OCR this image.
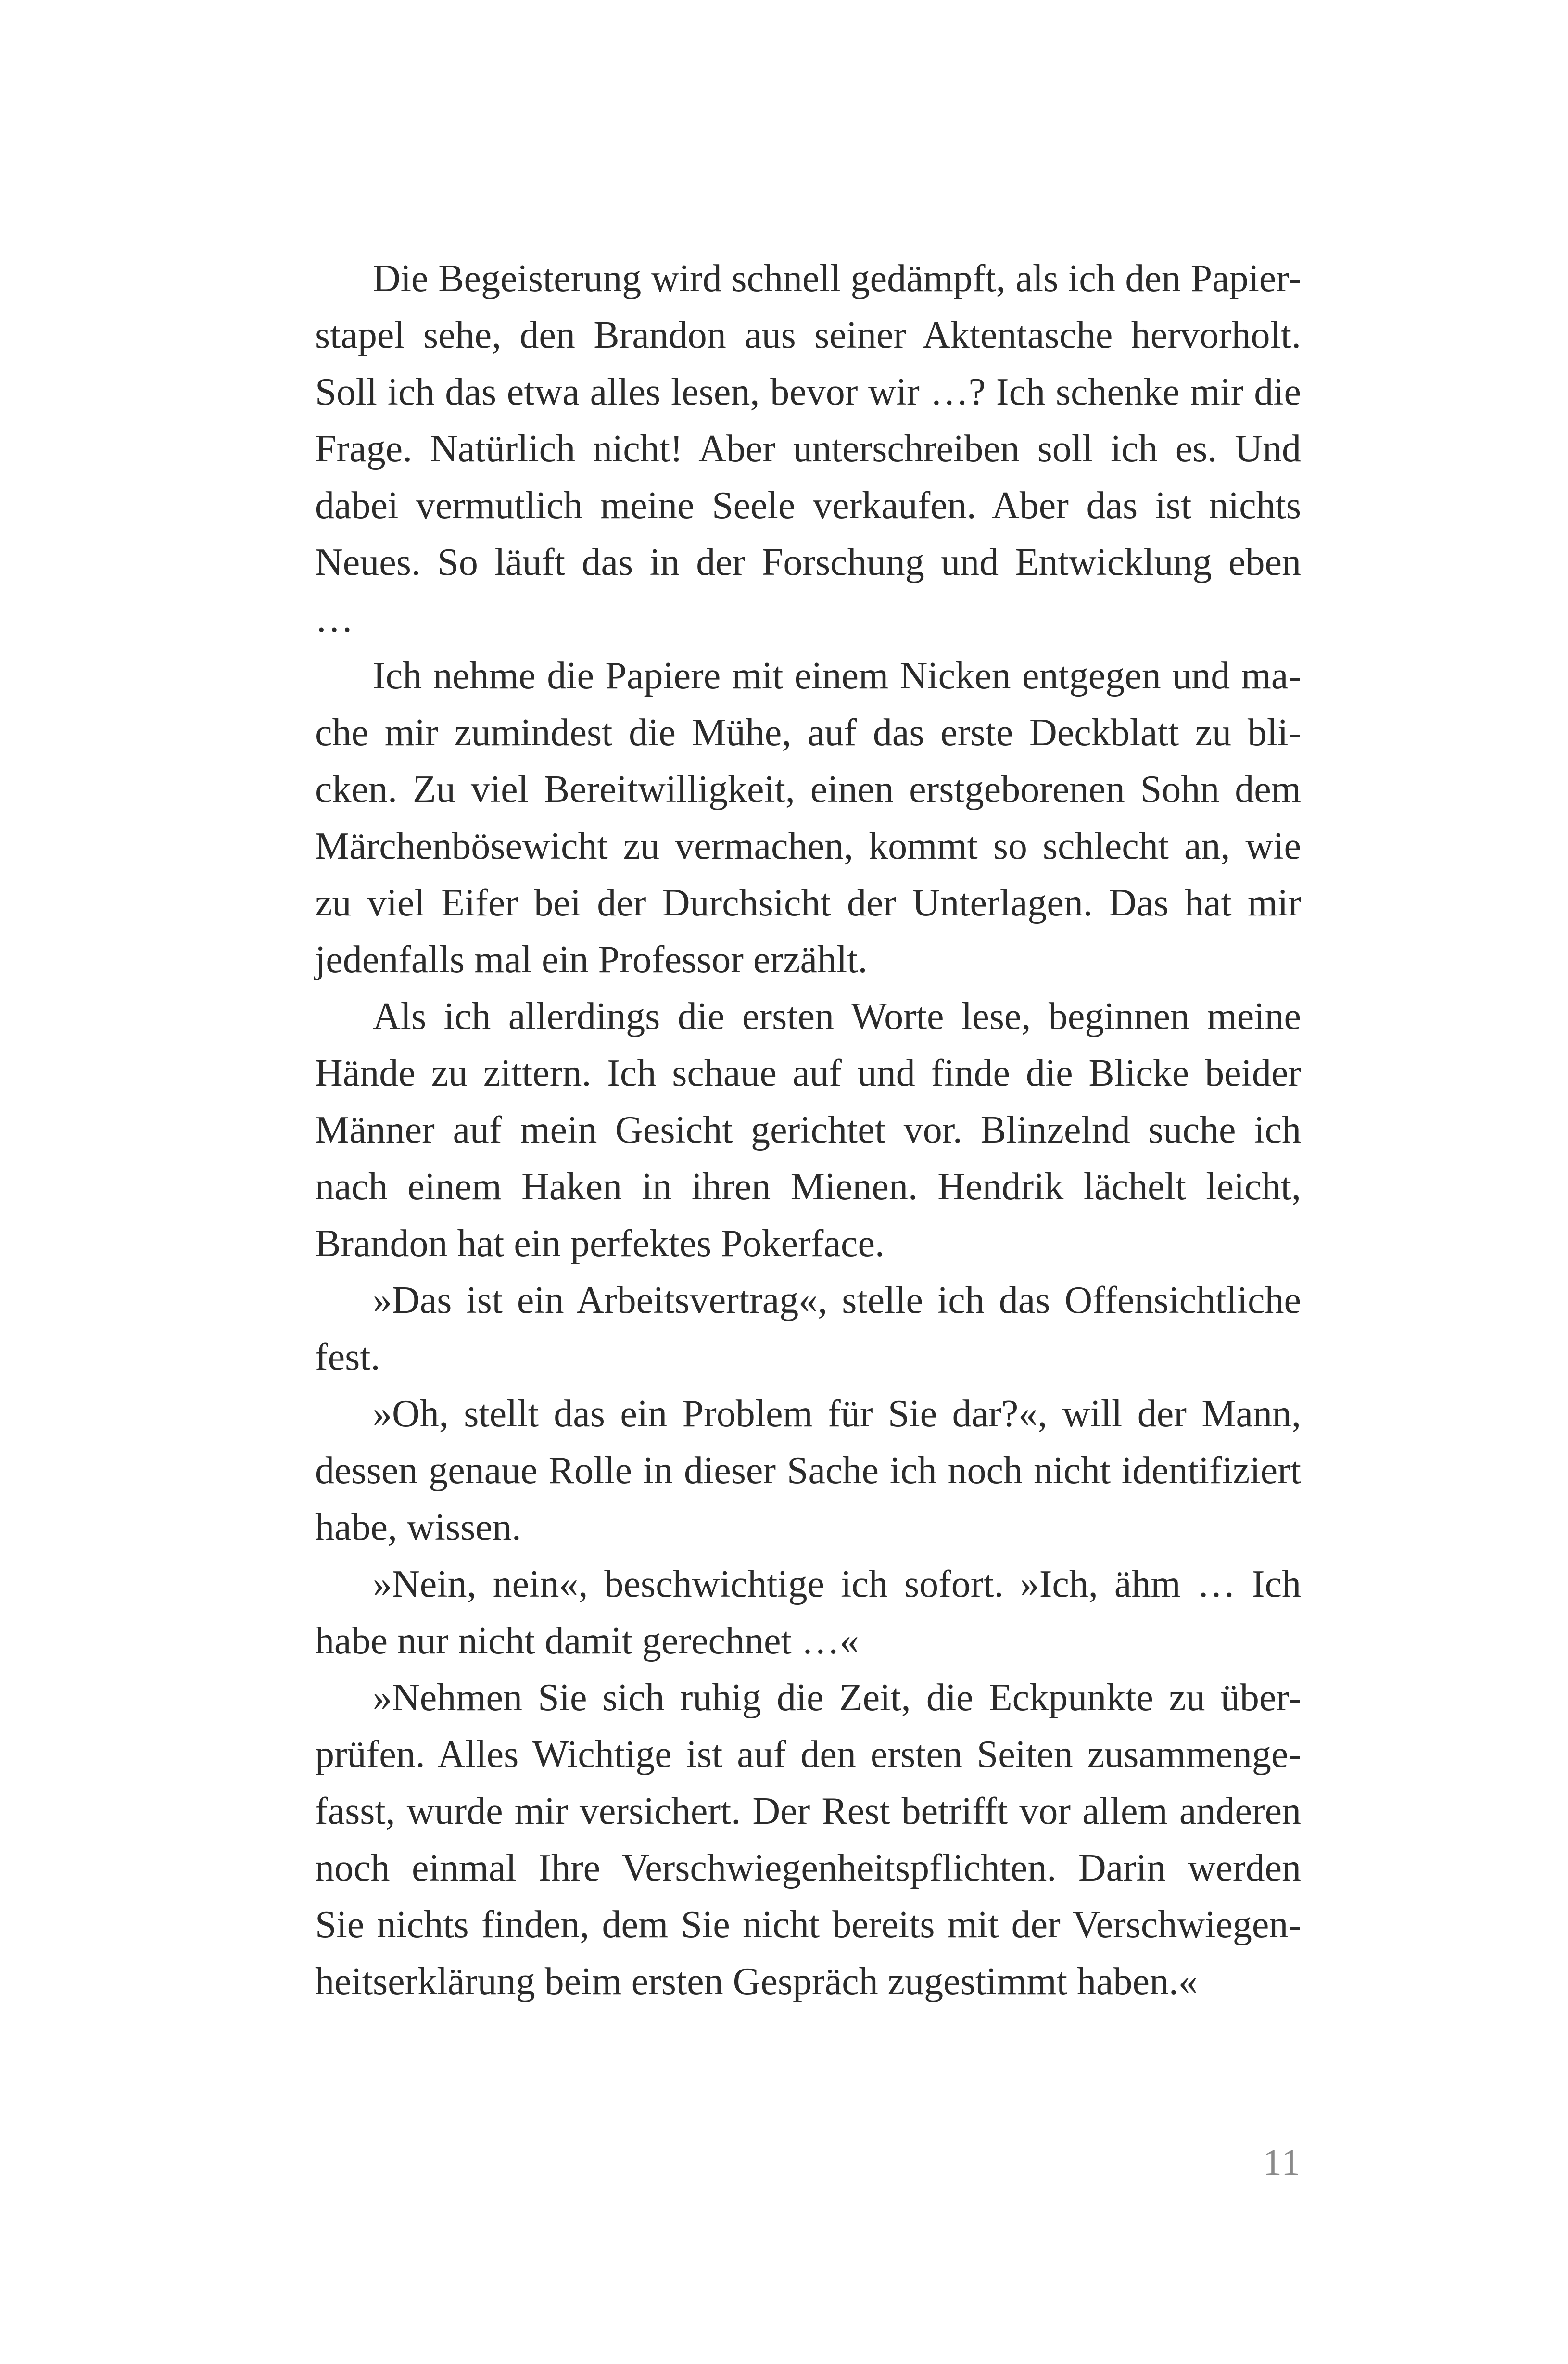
Die Begeisterung wird schnell gedämpft, als ich den Papier-
stapel sehe, den Brandon aus seiner Aktentasche hervorholt.
Soll ich das etwa alles lesen, bevor wir …? Ich schenke mir die
Frage. Natürlich nicht! Aber unterschreiben soll ich es. Und
dabei vermutlich meine Seele verkaufen. Aber das ist nichts
Neues. So läuft das in der Forschung und Entwicklung eben
…
Ich nehme die Papiere mit einem Nicken entgegen und ma-
che mir zumindest die Mühe, auf das erste Deckblatt zu bli-
cken. Zu viel Bereitwilligkeit, einen erstgeborenen Sohn dem
Märchenbösewicht zu vermachen, kommt so schlecht an, wie
zu viel Eifer bei der Durchsicht der Unterlagen. Das hat mir
jedenfalls mal ein Professor erzählt.
Als ich allerdings die ersten Worte lese, beginnen meine
Hände zu zittern. Ich schaue auf und finde die Blicke beider
Männer auf mein Gesicht gerichtet vor. Blinzelnd suche ich
nach einem Haken in ihren Mienen. Hendrik lächelt leicht,
Brandon hat ein perfektes Pokerface.
»Das ist ein Arbeitsvertrag«, stelle ich das Offensichtliche
fest.
»Oh, stellt das ein Problem für Sie dar?«, will der Mann,
dessen genaue Rolle in dieser Sache ich noch nicht identifiziert
habe, wissen.
»Nein, nein«, beschwichtige ich sofort. »Ich, ähm … Ich
habe nur nicht damit gerechnet …«
»Nehmen Sie sich ruhig die Zeit, die Eckpunkte zu über-
prüfen. Alles Wichtige ist auf den ersten Seiten zusammenge-
fasst, wurde mir versichert. Der Rest betrifft vor allem anderen
noch einmal Ihre Verschwiegenheitspflichten. Darin werden
Sie nichts finden, dem Sie nicht bereits mit der Verschwiegen-
heitserklärung beim ersten Gespräch zugestimmt haben.«
11
